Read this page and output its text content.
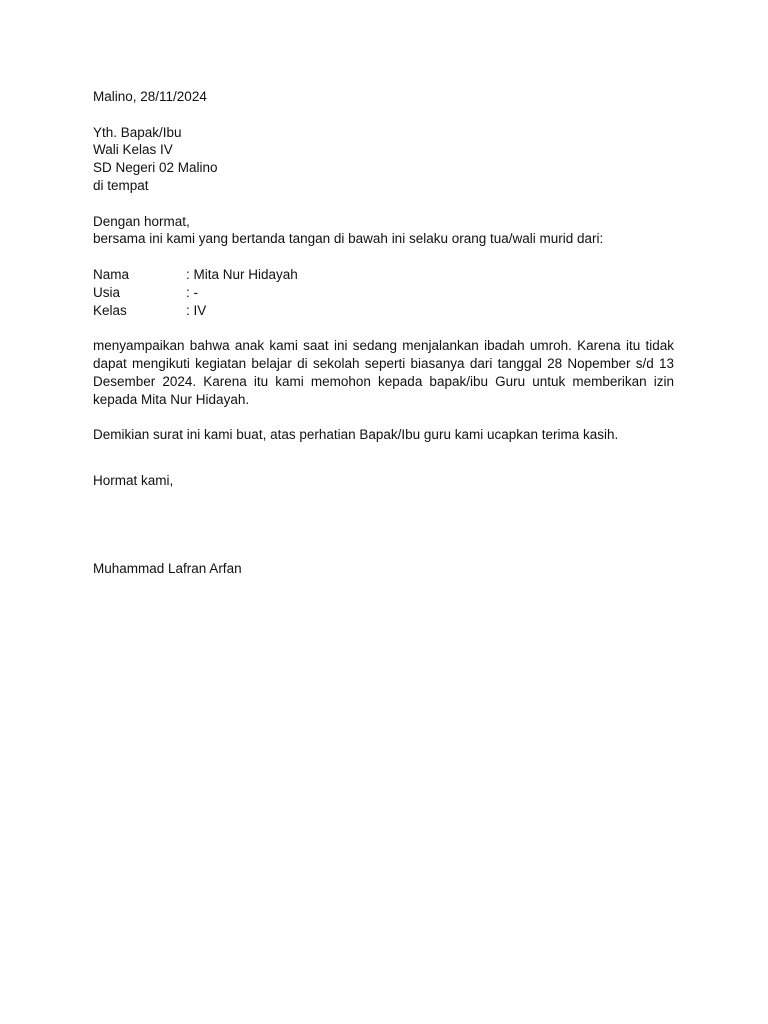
Malino, 28/11/2024
Yth. Bapak/Ibu
Wali Kelas IV
SD Negeri 02 Malino
di tempat
Dengan hormat,
bersama ini kami yang bertanda tangan di bawah ini selaku orang tua/wali murid dari:
Nama	: Mita Nur Hidayah
Usia	: -
Kelas	: IV
menyampaikan bahwa anak kami saat ini sedang menjalankan ibadah umroh. Karena itu tidak dapat mengikuti kegiatan belajar di sekolah seperti biasanya dari tanggal 28 Nopember s/d 13 Desember 2024. Karena itu kami memohon kepada bapak/ibu Guru untuk memberikan izin kepada Mita Nur Hidayah.
Demikian surat ini kami buat, atas perhatian Bapak/Ibu guru kami ucapkan terima kasih.
Hormat kami,
Muhammad Lafran Arfan
